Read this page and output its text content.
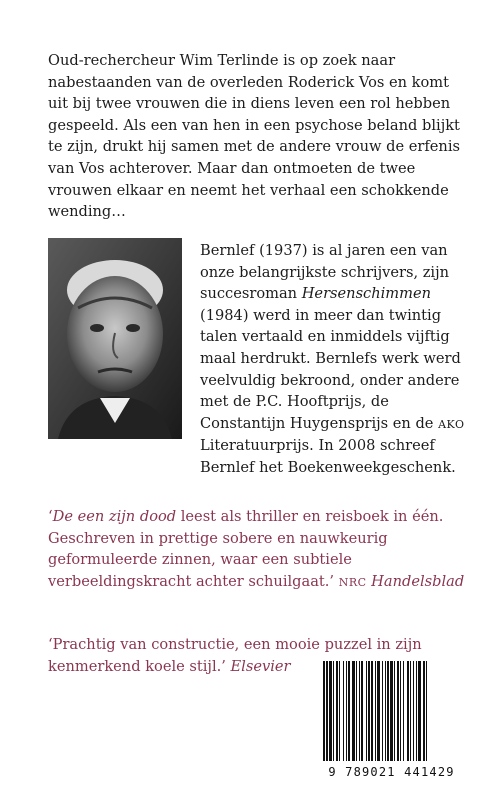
Oud-rechercheur Wim Terlinde is op zoek naar nabestaanden van de overleden Roderick Vos en komt uit bij twee vrouwen die in diens leven een rol hebben gespeeld. Als een van hen in een psychose beland blijkt te zijn, drukt hij samen met de andere vrouw de erfenis van Vos achterover. Maar dan ontmoeten de twee vrouwen elkaar en neemt het verhaal een schokkende wending…

Bernlef (1937) is al jaren een van onze belangrijkste schrijvers, zijn succesroman Hersenschimmen (1984) werd in meer dan twintig talen vertaald en inmiddels vijftig maal herdrukt. Bernlefs werk werd veelvuldig bekroond, onder andere met de P.C. Hooftprijs, de Constantijn Huygensprijs en de AKO Literatuurprijs. In 2008 schreef Bernlef het Boekenweekgeschenk.

‘De een zijn dood leest als thriller en reisboek in één. Geschreven in prettige sobere en nauwkeurig geformuleerde zinnen, waar een subtiele verbeeldingskracht achter schuilgaat.’ NRC Handelsblad

‘Prachtig van constructie, een mooie puzzel in zijn kenmerkend koele stijl.’ Elsevier

9 789021 441429
